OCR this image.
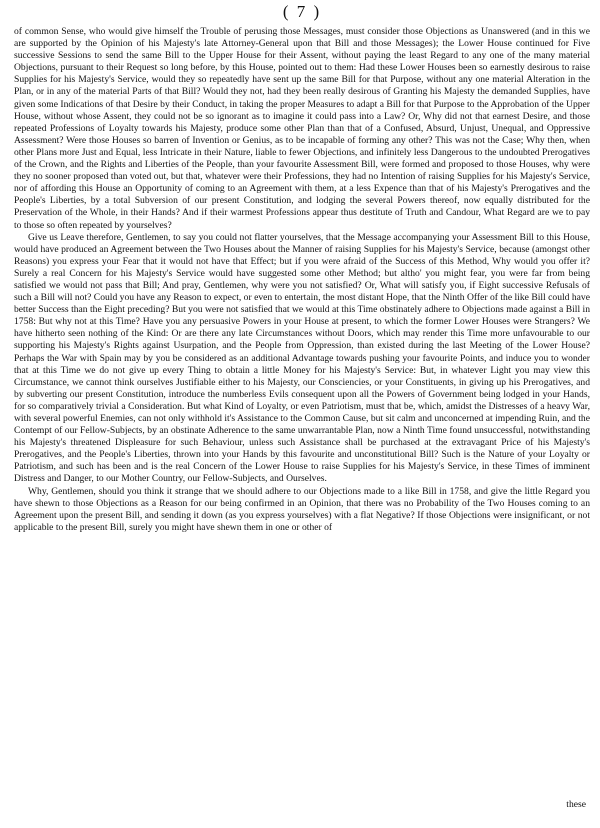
( 7 )

of common Sense, who would give himself the Trouble of perusing those Messages, must consider those Objections as Unanswered (and in this we are supported by the Opinion of his Majesty's late Attorney-General upon that Bill and those Messages); the Lower House continued for Five successive Sessions to send the same Bill to the Upper House for their Assent, without paying the least Regard to any one of the many material Objections, pursuant to their Request so long before, by this House, pointed out to them: Had these Lower Houses been so earnestly desirous to raise Supplies for his Majesty's Service, would they so repeatedly have sent up the same Bill for that Purpose, without any one material Alteration in the Plan, or in any of the material Parts of that Bill? Would they not, had they been really desirous of Granting his Majesty the demanded Supplies, have given some Indications of that Desire by their Conduct, in taking the proper Measures to adapt a Bill for that Purpose to the Approbation of the Upper House, without whose Assent, they could not be so ignorant as to imagine it could pass into a Law? Or, Why did not that earnest Desire, and those repeated Professions of Loyalty towards his Majesty, produce some other Plan than that of a Confused, Absurd, Unjust, Unequal, and Oppressive Assessment? Were those Houses so barren of Invention or Genius, as to be incapable of forming any other? This was not the Case; Why then, when other Plans more Just and Equal, less Intricate in their Nature, liable to fewer Objections, and infinitely less Dangerous to the undoubted Prerogatives of the Crown, and the Rights and Liberties of the People, than your favourite Assessment Bill, were formed and proposed to those Houses, why were they no sooner proposed than voted out, but that, whatever were their Professions, they had no Intention of raising Supplies for his Majesty's Service, nor of affording this House an Opportunity of coming to an Agreement with them, at a less Expence than that of his Majesty's Prerogatives and the People's Liberties, by a total Subversion of our present Constitution, and lodging the several Powers thereof, now equally distributed for the Preservation of the Whole, in their Hands? And if their warmest Professions appear thus destitute of Truth and Candour, What Regard are we to pay to those so often repeated by yourselves?

Give us Leave therefore, Gentlemen, to say you could not flatter yourselves, that the Message accompanying your Assessment Bill to this House, would have produced an Agreement between the Two Houses about the Manner of raising Supplies for his Majesty's Service, because (amongst other Reasons) you express your Fear that it would not have that Effect; but if you were afraid of the Success of this Method, Why would you offer it? Surely a real Concern for his Majesty's Service would have suggested some other Method; but altho' you might fear, you were far from being satisfied we would not pass that Bill; And pray, Gentlemen, why were you not satisfied? Or, What will satisfy you, if Eight successive Refusals of such a Bill will not? Could you have any Reason to expect, or even to entertain, the most distant Hope, that the Ninth Offer of the like Bill could have better Success than the Eight preceding? But you were not satisfied that we would at this Time obstinately adhere to Objections made against a Bill in 1758: But why not at this Time? Have you any persuasive Powers in your House at present, to which the former Lower Houses were Strangers? We have hitherto seen nothing of the Kind: Or are there any late Circumstances without Doors, which may render this Time more unfavourable to our supporting his Majesty's Rights against Usurpation, and the People from Oppression, than existed during the last Meeting of the Lower House? Perhaps the War with Spain may by you be considered as an additional Advantage towards pushing your favourite Points, and induce you to wonder that at this Time we do not give up every Thing to obtain a little Money for his Majesty's Service: But, in whatever Light you may view this Circumstance, we cannot think ourselves Justifiable either to his Majesty, our Consciencies, or your Constituents, in giving up his Prerogatives, and by subverting our present Constitution, introduce the numberless Evils consequent upon all the Powers of Government being lodged in your Hands, for so comparatively trivial a Consideration. But what Kind of Loyalty, or even Patriotism, must that be, which, amidst the Distresses of a heavy War, with several powerful Enemies, can not only withhold it's Assistance to the Common Cause, but sit calm and unconcerned at impending Ruin, and the Contempt of our Fellow-Subjects, by an obstinate Adherence to the same unwarrantable Plan, now a Ninth Time found unsuccessful, notwithstanding his Majesty's threatened Displeasure for such Behaviour, unless such Assistance shall be purchased at the extravagant Price of his Majesty's Prerogatives, and the People's Liberties, thrown into your Hands by this favourite and unconstitutional Bill? Such is the Nature of your Loyalty or Patriotism, and such has been and is the real Concern of the Lower House to raise Supplies for his Majesty's Service, in these Times of imminent Distress and Danger, to our Mother Country, our Fellow-Subjects, and Ourselves.

Why, Gentlemen, should you think it strange that we should adhere to our Objections made to a like Bill in 1758, and give the little Regard you have shewn to those Objections as a Reason for our being confirmed in an Opinion, that there was no Probability of the Two Houses coming to an Agreement upon the present Bill, and sending it down (as you express yourselves) with a flat Negative? If those Objections were insignificant, or not applicable to the present Bill, surely you might have shewn them in one or other of

these
